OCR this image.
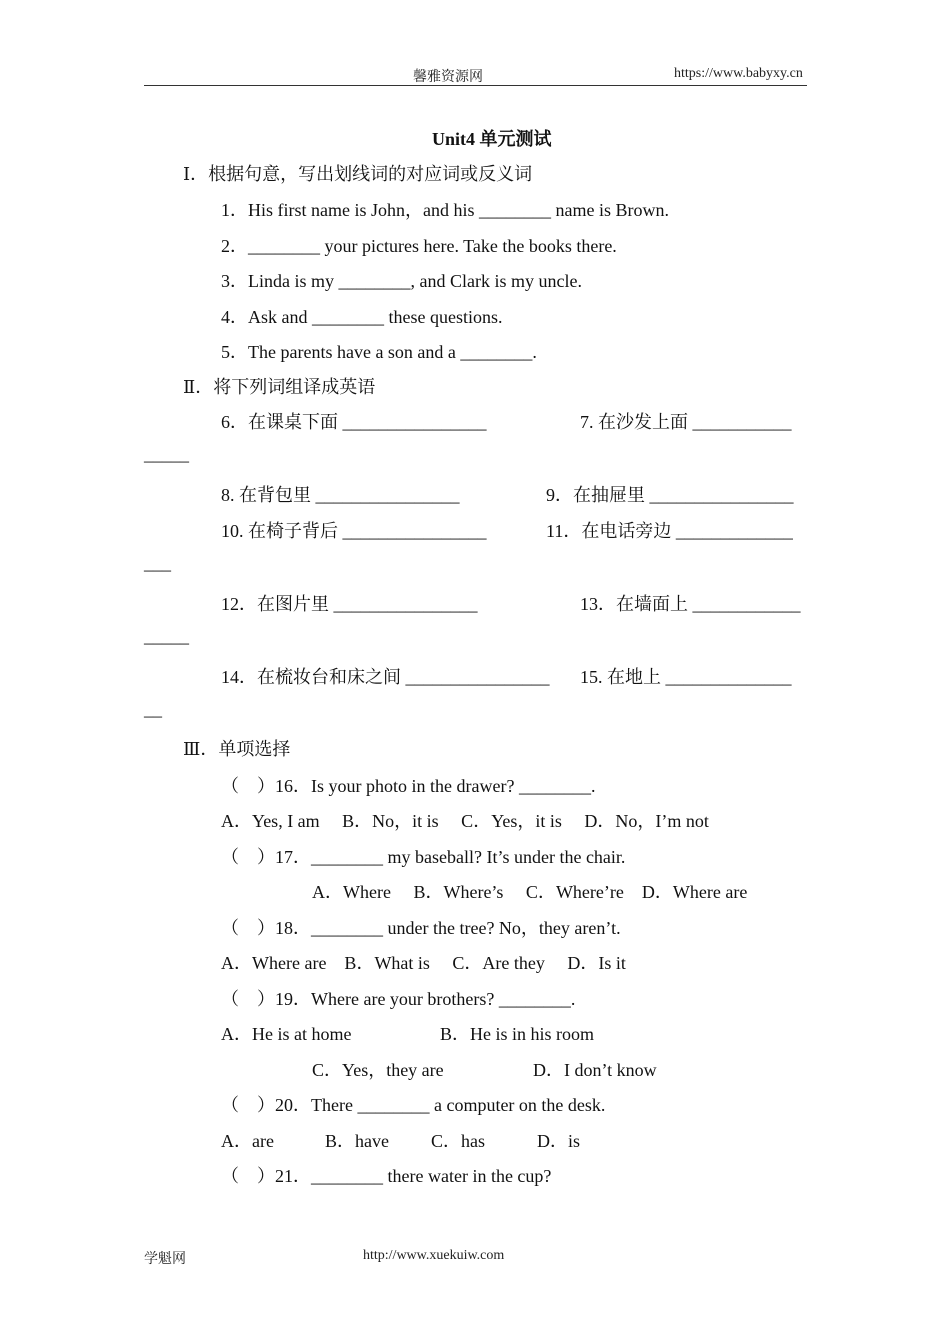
馨雅资源网	https://www.babyxy.cn
Unit4 单元测试
Ⅰ．根据句意，写出划线词的对应词或反义词
1．His first name is John，and his ________ name is Brown.
2．________ your pictures here. Take the books there.
3．Linda is my ________, and Clark is my uncle.
4．Ask and ________ these questions.
5．The parents have a son and a ________.
Ⅱ．将下列词组译成英语
6．在课桌下面 ________________	7. 在沙发上面 ___________
_____
8. 在背包里 ________________	9．在抽屉里 ________________
10. 在椅子背后 ________________	11．在电话旁边 _____________
___
12．在图片里 ________________	13．在墙面上 ____________
_____
14．在梳妆台和床之间 ________________ 15. 在地上 ______________
__
Ⅲ．单项选择
（　）16．Is your photo in the drawer? ________.
A．Yes, I am　 B．No，it is　 C．Yes，it is　 D．No，I’m not
（　）17．________ my baseball? It’s under the chair.
A．Where　 B．Where’s　 C．Where’re　D．Where are
（　）18．________ under the tree? No，they aren’t.
A．Where are　B．What is　 C．Are they　 D．Is it
（　）19．Where are your brothers? ________.
A．He is at home	B．He is in his room
C．Yes，they are	D．I don’t know
（　）20．There ________ a computer on the desk.
A．are	B．have C．has	D．is
（　）21．________ there water in the cup?
学魁网	http://www.xuekuiw.com
